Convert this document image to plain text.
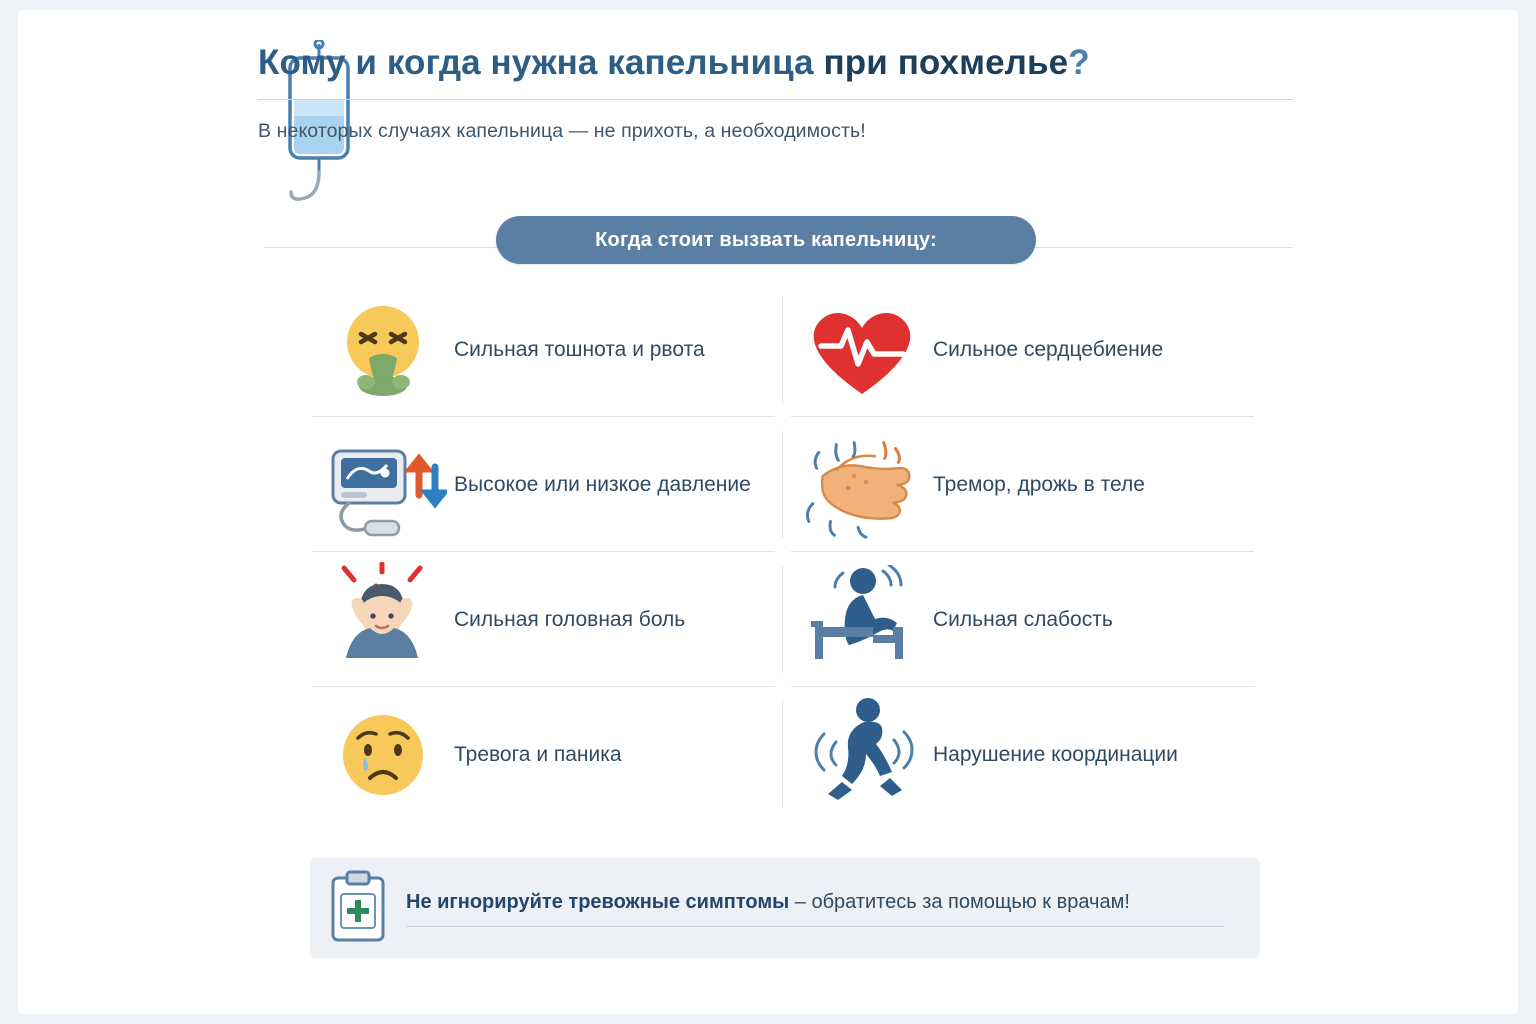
Кому и когда нужна капельница при похмелье?
В некоторых случаях капельница — не прихоть, а необходимость!
Когда стоит вызвать капельницу:
Сильная тошнота и рвота	Сильное сердцебиение
Высокое или низкое давление	Тремор, дрожь в теле
Сильная головная боль	Сильная слабость
Тревога и паника	Нарушение координации
Не игнорируйте тревожные симптомы – обратитесь за помощью к врачам!
